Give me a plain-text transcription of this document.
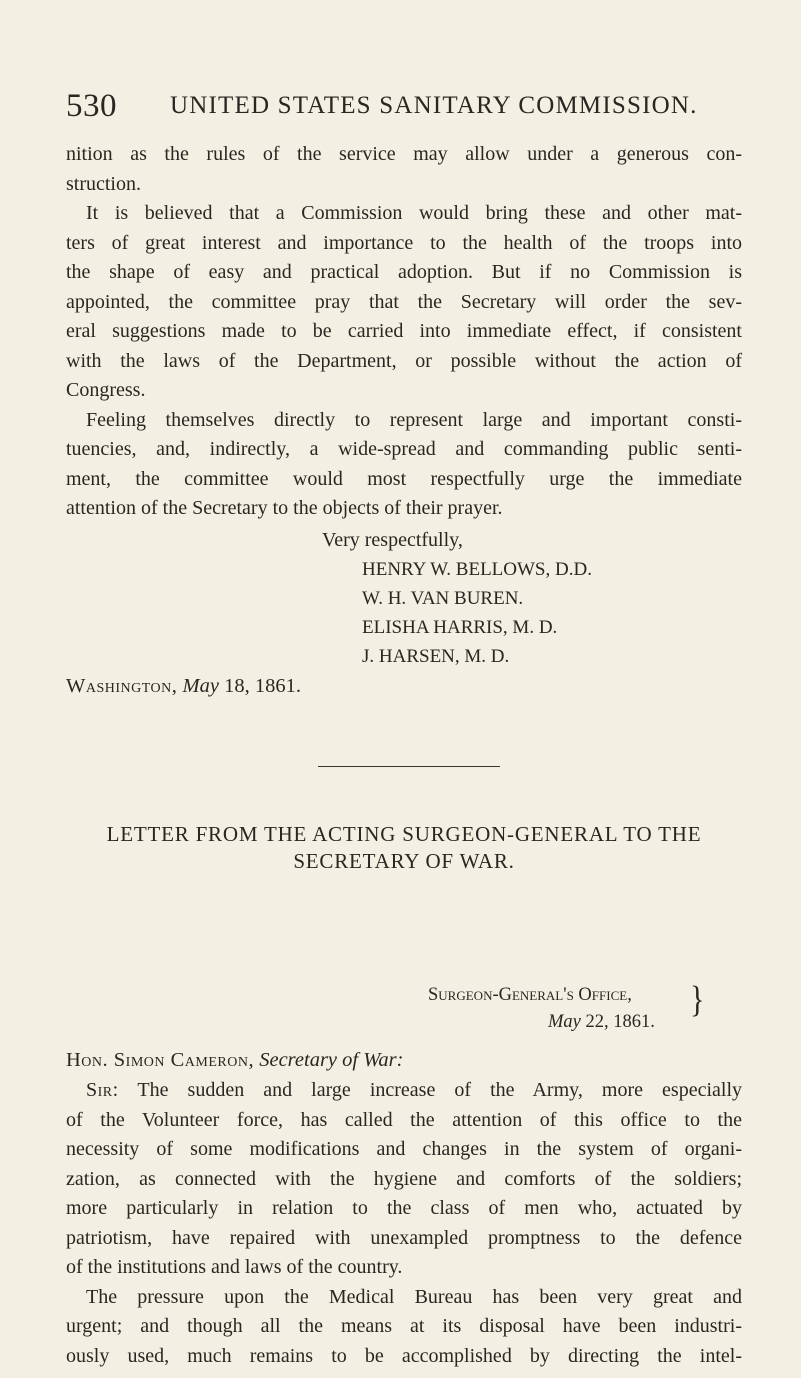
530 UNITED STATES SANITARY COMMISSION.
nition as the rules of the service may allow under a generous con-
struction.
It is believed that a Commission would bring these and other mat-
ters of great interest and importance to the health of the troops into
the shape of easy and practical adoption. But if no Commission is
appointed, the committee pray that the Secretary will order the sev-
eral suggestions made to be carried into immediate effect, if consistent
with the laws of the Department, or possible without the action of
Congress.
Feeling themselves directly to represent large and important consti-
tuencies, and, indirectly, a wide-spread and commanding public senti-
ment, the committee would most respectfully urge the immediate
attention of the Secretary to the objects of their prayer.
Very respectfully,
HENRY W. BELLOWS, D.D.
W. H. VAN BUREN.
ELISHA HARRIS, M. D.
J. HARSEN, M. D.
Washington, May 18, 1861.
LETTER FROM THE ACTING SURGEON-GENERAL TO THE
SECRETARY OF WAR.
Surgeon-General's Office,
May 22, 1861.
}
Hon. Simon Cameron, Secretary of War:
Sir: The sudden and large increase of the Army, more especially
of the Volunteer force, has called the attention of this office to the
necessity of some modifications and changes in the system of organi-
zation, as connected with the hygiene and comforts of the soldiers;
more particularly in relation to the class of men who, actuated by
patriotism, have repaired with unexampled promptness to the defence
of the institutions and laws of the country.
The pressure upon the Medical Bureau has been very great and
urgent; and though all the means at its disposal have been industri-
ously used, much remains to be accomplished by directing the intel-
